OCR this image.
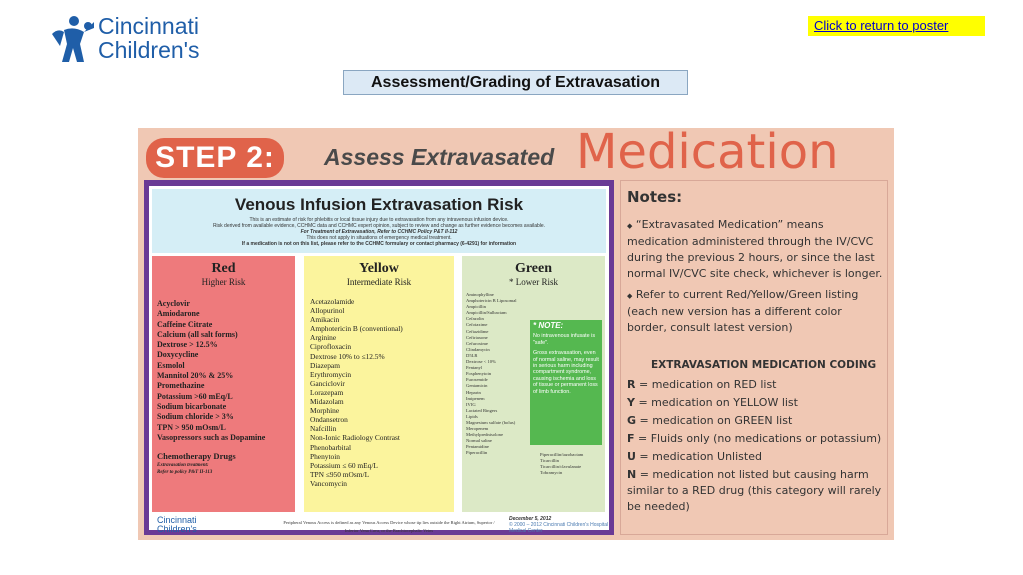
Cincinnati
Children's
Click to return to poster
Assessment/Grading of Extravasation
STEP 2:	Assess Extravasated Medication
Venous Infusion Extravasation Risk
This is an estimate of risk for phlebitis or local tissue injury due to extravasation from any intravenous infusion device.
Risk derived from available evidence, CCHMC data and CCHMC expert opinion, subject to review and change as further evidence becomes available.
For Treatment of Extravasation, Refer to CCHMC Policy P&T II-112
This does not apply in situations of emergency medical treatment.
If a medication is not on this list, please refer to the CCHMC formulary or contact pharmacy (6-4291) for information
Red
Higher Risk
Acyclovir
Amiodarone
Caffeine Citrate
Calcium (all salt forms)
Dextrose > 12.5%
Doxycycline
Esmolol
Mannitol 20% & 25%
Promethazine
Potassium >60 mEq/L
Sodium bicarbonate
Sodium chloride > 3%
TPN > 950 mOsm/L
Vasopressors such as Dopamine
Chemotherapy Drugs
Extravasation treatment:
Refer to policy P&T II-113
Yellow
Intermediate Risk
Acetazolamide
Allopurinol
Amikacin
Amphotericin B (conventional)
Arginine
Ciprofloxacin
Dextrose 10% to ≤12.5%
Diazepam
Erythromycin
Ganciclovir
Lorazepam
Midazolam
Morphine
Ondansetron
Nafcillin
Non-Ionic Radiology Contrast
Phenobarbital
Phenytoin
Potassium ≤ 60 mEq/L
TPN ≤950 mOsm/L
Vancomycin
Green
* Lower Risk
Aminophylline
Amphotericin B Liposomal
Ampicillin
Ampicillin/Sulbactam
Cefazolin
Cefotaxime
Ceftazidime
Ceftriaxone
Cefuroxime
Clindamycin
D5LR
Dextrose < 10%
Fentanyl
Fosphenytoin
Furosemide
Gentamicin
Heparin
Imipenem
IVIG
Lactated Ringers
Lipids
Magnesium sulfate (bolus)
Meropenem
Methylprednisolone
Normal saline
Pentamidine
Piperacillin
* NOTE:
No intravenous infusate is "safe".
Gross extravasation, even of normal saline, may result in serious harm including compartment syndrome, causing ischemia and loss of tissue or permanent loss of limb function.
Piperacillin/tazobactam
Ticarcillin
Ticarcillin/clavulanate
Tobramycin
Cincinnati
Children's
Peripheral Venous Access is defined as any Venous Access Device whose tip lies outside the Right Atrium, Superior / Inferior Vena Cava, or the Brachiocephalic Veins
December 5, 2012
© 2000 – 2012 Cincinnati Children's Hospital Medical Center
Notes:
◆ “Extravasated Medication” means medication administered through the IV/CVC during the previous 2 hours, or since the last normal IV/CVC site check, whichever is longer.
◆ Refer to current Red/Yellow/Green listing (each new version has a different color border, consult latest version)
EXTRAVASATION MEDICATION CODING
R = medication on RED list
Y = medication on YELLOW list
G = medication on GREEN list
F = Fluids only (no medications or potassium)
U = medication Unlisted
N = medication not listed but causing harm similar to a RED drug (this category will rarely be needed)
